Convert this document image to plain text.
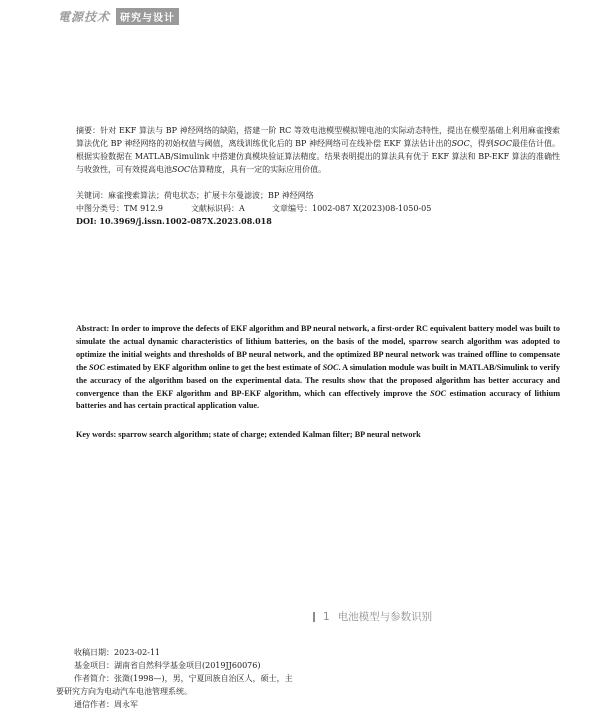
電源技术	研究与设计
摘要：针对 EKF 算法与 BP 神经网络的缺陷，搭建一阶 RC 等效电池模型模拟锂电池的实际动态特性，提出在模型基础上利用麻雀搜索算法优化 BP 神经网络的初始权值与阈值，离线训练优化后的 BP 神经网络可在线补偿 EKF 算法估计出的SOC，得到SOC最佳估计值。根据实验数据在 MATLAB/Simulink 中搭建仿真模块验证算法精度。结果表明提出的算法具有优于 EKF 算法和 BP-EKF 算法的准确性与收敛性，可有效提高电池SOC估算精度，具有一定的实际应用价值。
关键词：麻雀搜索算法；荷电状态；扩展卡尔曼滤波；BP 神经网络
中图分类号：TM 912.9	文献标识码：A	文章编号：1002-087 X(2023)08-1050-05
DOI: 10.3969/j.issn.1002-087X.2023.08.018
Abstract: In order to improve the defects of EKF algorithm and BP neural network, a first-order RC equivalent battery model was built to simulate the actual dynamic characteristics of lithium batteries, on the basis of the model, sparrow search algorithm was adopted to optimize the initial weights and thresholds of BP neural network, and the optimized BP neural network was trained offline to compensate the SOC estimated by EKF algorithm online to get the best estimate of SOC. A simulation module was built in MATLAB/Simulink to verify the accuracy of the algorithm based on the experimental data. The results show that the proposed algorithm has better accuracy and convergence than the EKF algorithm and BP-EKF algorithm, which can effectively improve the SOC estimation accuracy of lithium batteries and has certain practical application value.
Key words: sparrow search algorithm; state of charge; extended Kalman filter; BP neural network
1 电池模型与参数识别
收稿日期：2023-02-11
基金项目：湖南省自然科学基金项目(2019JJ60076)
作者简介：张澂(1998—)，男，宁夏回族自治区人，硕士，主
要研究方向为电动汽车电池管理系统。
通信作者：周永军
